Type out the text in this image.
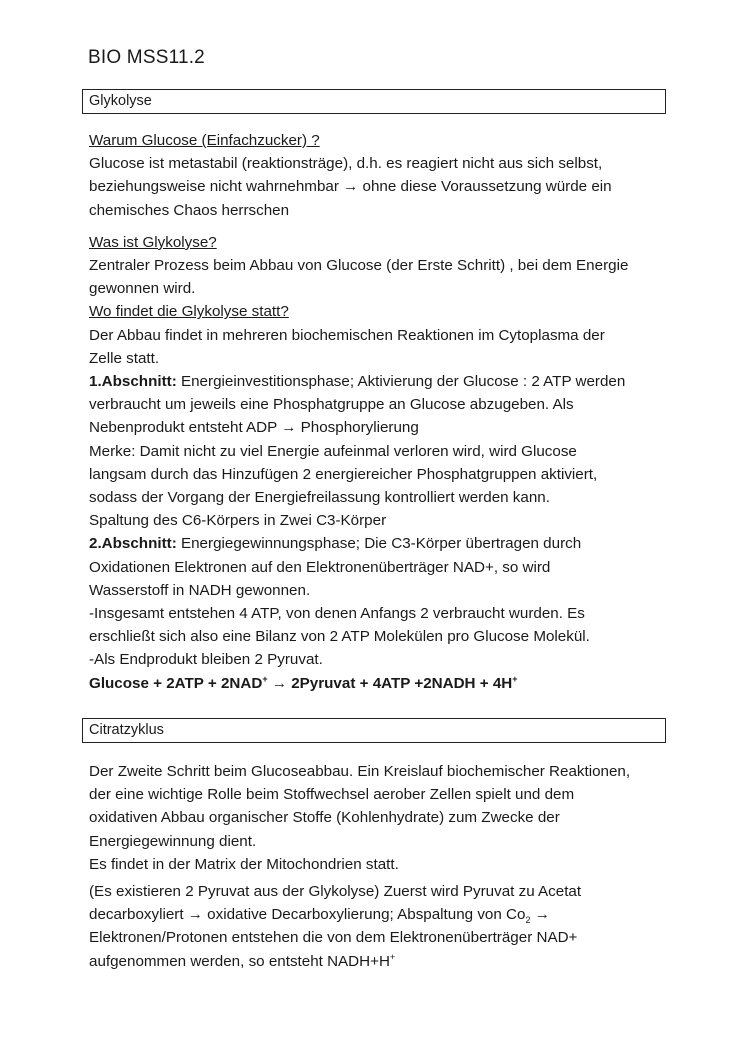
BIO MSS11.2
Glykolyse
Warum Glucose (Einfachzucker) ?
Glucose ist metastabil (reaktionsträge), d.h. es reagiert nicht aus sich selbst,
beziehungsweise nicht wahrnehmbar → ohne diese Voraussetzung würde ein
chemisches Chaos herrschen
Was ist Glykolyse?
Zentraler Prozess beim Abbau von Glucose (der Erste Schritt) , bei dem Energie
gewonnen wird.
Wo findet die Glykolyse statt?
Der Abbau findet in mehreren biochemischen Reaktionen im Cytoplasma der
Zelle statt.
1.Abschnitt: Energieinvestitionsphase; Aktivierung der Glucose : 2 ATP werden
verbraucht um jeweils eine Phosphatgruppe an Glucose abzugeben. Als
Nebenprodukt entsteht ADP → Phosphorylierung
Merke: Damit nicht zu viel Energie aufeinmal verloren wird, wird Glucose
langsam durch das Hinzufügen 2 energiereicher Phosphatgruppen aktiviert,
sodass der Vorgang der Energiefreilassung kontrolliert werden kann.
Spaltung des C6-Körpers in Zwei C3-Körper
2.Abschnitt: Energiegewinnungsphase; Die C3-Körper übertragen durch
Oxidationen Elektronen auf den Elektronenüberträger NAD+, so wird
Wasserstoff in NADH gewonnen.
-Insgesamt entstehen 4 ATP, von denen Anfangs 2 verbraucht wurden. Es
erschließt sich also eine Bilanz von 2 ATP Molekülen pro Glucose Molekül.
-Als Endprodukt bleiben 2 Pyruvat.
Glucose + 2ATP + 2NAD+ → 2Pyruvat + 4ATP +2NADH + 4H+
Citratzyklus
Der Zweite Schritt beim Glucoseabbau. Ein Kreislauf biochemischer Reaktionen,
der eine wichtige Rolle beim Stoffwechsel aerober Zellen spielt und dem
oxidativen Abbau organischer Stoffe (Kohlenhydrate) zum Zwecke der
Energiegewinnung dient.
Es findet in der Matrix der Mitochondrien statt.
(Es existieren 2 Pyruvat aus der Glykolyse) Zuerst wird Pyruvat zu Acetat
decarboxyliert → oxidative Decarboxylierung; Abspaltung von $Co_2$ →
Elektronen/Protonen entstehen die von dem Elektronenüberträger NAD+
aufgenommen werden, so entsteht NADH+H+
